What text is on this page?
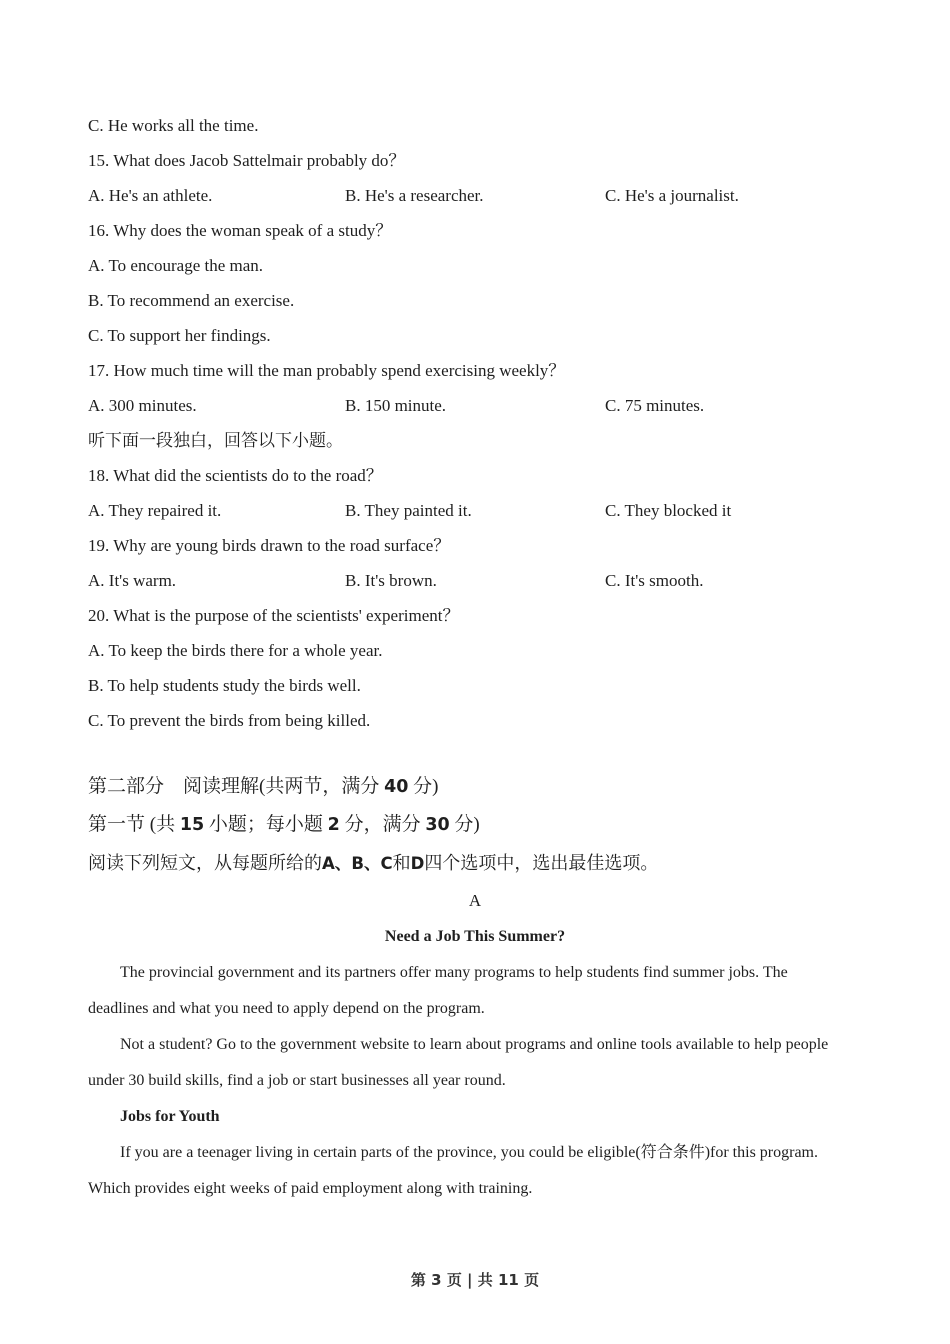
C. He works all the time.
15. What does Jacob Sattelmair probably do？
A. He's an athlete.	B. He's a researcher.	C. He's a journalist.
16. Why does the woman speak of a study？
A. To encourage the man.
B. To recommend an exercise.
C. To support her findings.
17. How much time will the man probably spend exercising weekly？
A. 300 minutes.	B. 150 minute.	C. 75 minutes.
听下面一段独白，回答以下小题。
18. What did the scientists do to the road？
A. They repaired it.	B. They painted it.	C. They blocked it
19. Why are young birds drawn to the road surface？
A. It's warm.	B. It's brown.	C. It's smooth.
20. What is the purpose of the scientists' experiment？
A. To keep the birds there for a whole year.
B. To help students study the birds well.
C. To prevent the birds from being killed.
第二部分　阅读理解(共两节，满分 40 分)
第一节 (共 15 小题；每小题 2 分，满分 30 分)
阅读下列短文，从每题所给的A、B、C和D四个选项中，选出最佳选项。
A
Need a Job This Summer?
The provincial government and its partners offer many programs to help students find summer jobs. The
deadlines and what you need to apply depend on the program.
Not a student? Go to the government website to learn about programs and online tools available to help people
under 30 build skills, find a job or start businesses all year round.
Jobs for Youth
If you are a teenager living in certain parts of the province, you could be eligible(符合条件)for this program.
Which provides eight weeks of paid employment along with training.
第 3 页 | 共 11 页
